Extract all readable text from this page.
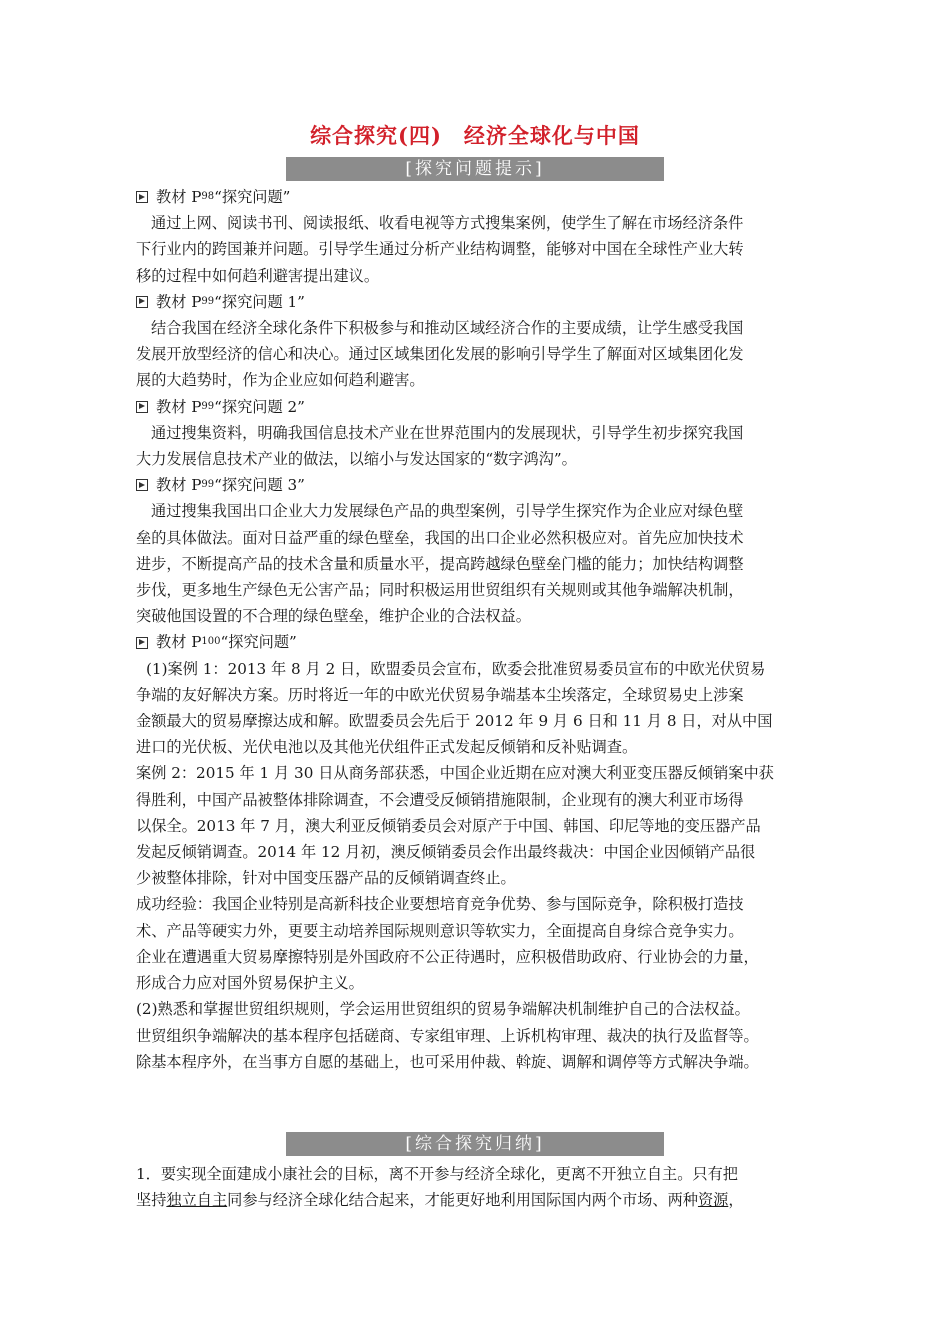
综合探究(四)　经济全球化与中国
[探究问题提示]

教材 P 98 “探究问题”

通过上网、阅读书刊、阅读报纸、收看电视等方式搜集案例，使学生了解在市场经济条件

下行业内的跨国兼并问题。引导学生通过分析产业结构调整，能够对中国在全球性产业大转

移的过程中如何趋利避害提出建议。

教材 P 99 “探究问题 1”

结合我国在经济全球化条件下积极参与和推动区域经济合作的主要成绩，让学生感受我国

发展开放型经济的信心和决心。通过区域集团化发展的影响引导学生了解面对区域集团化发

展的大趋势时，作为企业应如何趋利避害。

教材 P 99 “探究问题 2”

通过搜集资料，明确我国信息技术产业在世界范围内的发展现状，引导学生初步探究我国

大力发展信息技术产业的做法，以缩小与发达国家的“数字鸿沟”。

教材 P 99 “探究问题 3”

通过搜集我国出口企业大力发展绿色产品的典型案例，引导学生探究作为企业应对绿色壁

垒的具体做法。面对日益严重的绿色壁垒，我国的出口企业必然积极应对。首先应加快技术

进步，不断提高产品的技术含量和质量水平，提高跨越绿色壁垒门槛的能力；加快结构调整

步伐，更多地生产绿色无公害产品；同时积极运用世贸组织有关规则或其他争端解决机制，

突破他国设置的不合理的绿色壁垒，维护企业的合法权益。

教材 P 100 “探究问题”

(1)案例 1：2013 年 8 月 2 日，欧盟委员会宣布，欧委会批准贸易委员宣布的中欧光伏贸易

争端的友好解决方案。历时将近一年的中欧光伏贸易争端基本尘埃落定，全球贸易史上涉案

金额最大的贸易摩擦达成和解。欧盟委员会先后于 2012 年 9 月 6 日和 11 月 8 日，对从中国

进口的光伏板、光伏电池以及其他光伏组件正式发起反倾销和反补贴调查。

案例 2：2015 年 1 月 30 日从商务部获悉，中国企业近期在应对澳大利亚变压器反倾销案中获

得胜利，中国产品被整体排除调查，不会遭受反倾销措施限制，企业现有的澳大利亚市场得

以保全。2013 年 7 月，澳大利亚反倾销委员会对原产于中国、韩国、印尼等地的变压器产品

发起反倾销调查。2014 年 12 月初，澳反倾销委员会作出最终裁决：中国企业因倾销产品很

少被整体排除，针对中国变压器产品的反倾销调查终止。

成功经验：我国企业特别是高新科技企业要想培育竞争优势、参与国际竞争，除积极打造技

术、产品等硬实力外，更要主动培养国际规则意识等软实力，全面提高自身综合竞争实力。

企业在遭遇重大贸易摩擦特别是外国政府不公正待遇时，应积极借助政府、行业协会的力量，

形成合力应对国外贸易保护主义。

(2)熟悉和掌握世贸组织规则，学会运用世贸组织的贸易争端解决机制维护自己的合法权益。

世贸组织争端解决的基本程序包括磋商、专家组审理、上诉机构审理、裁决的执行及监督等。

除基本程序外，在当事方自愿的基础上，也可采用仲裁、斡旋、调解和调停等方式解决争端。

[综合探究归纳]

1．要实现全面建成小康社会的目标，离不开参与经济全球化，更离不开独立自主。只有把

坚持独立自主同参与经济全球化结合起来，才能更好地利用国际国内两个市场、两种资源，
